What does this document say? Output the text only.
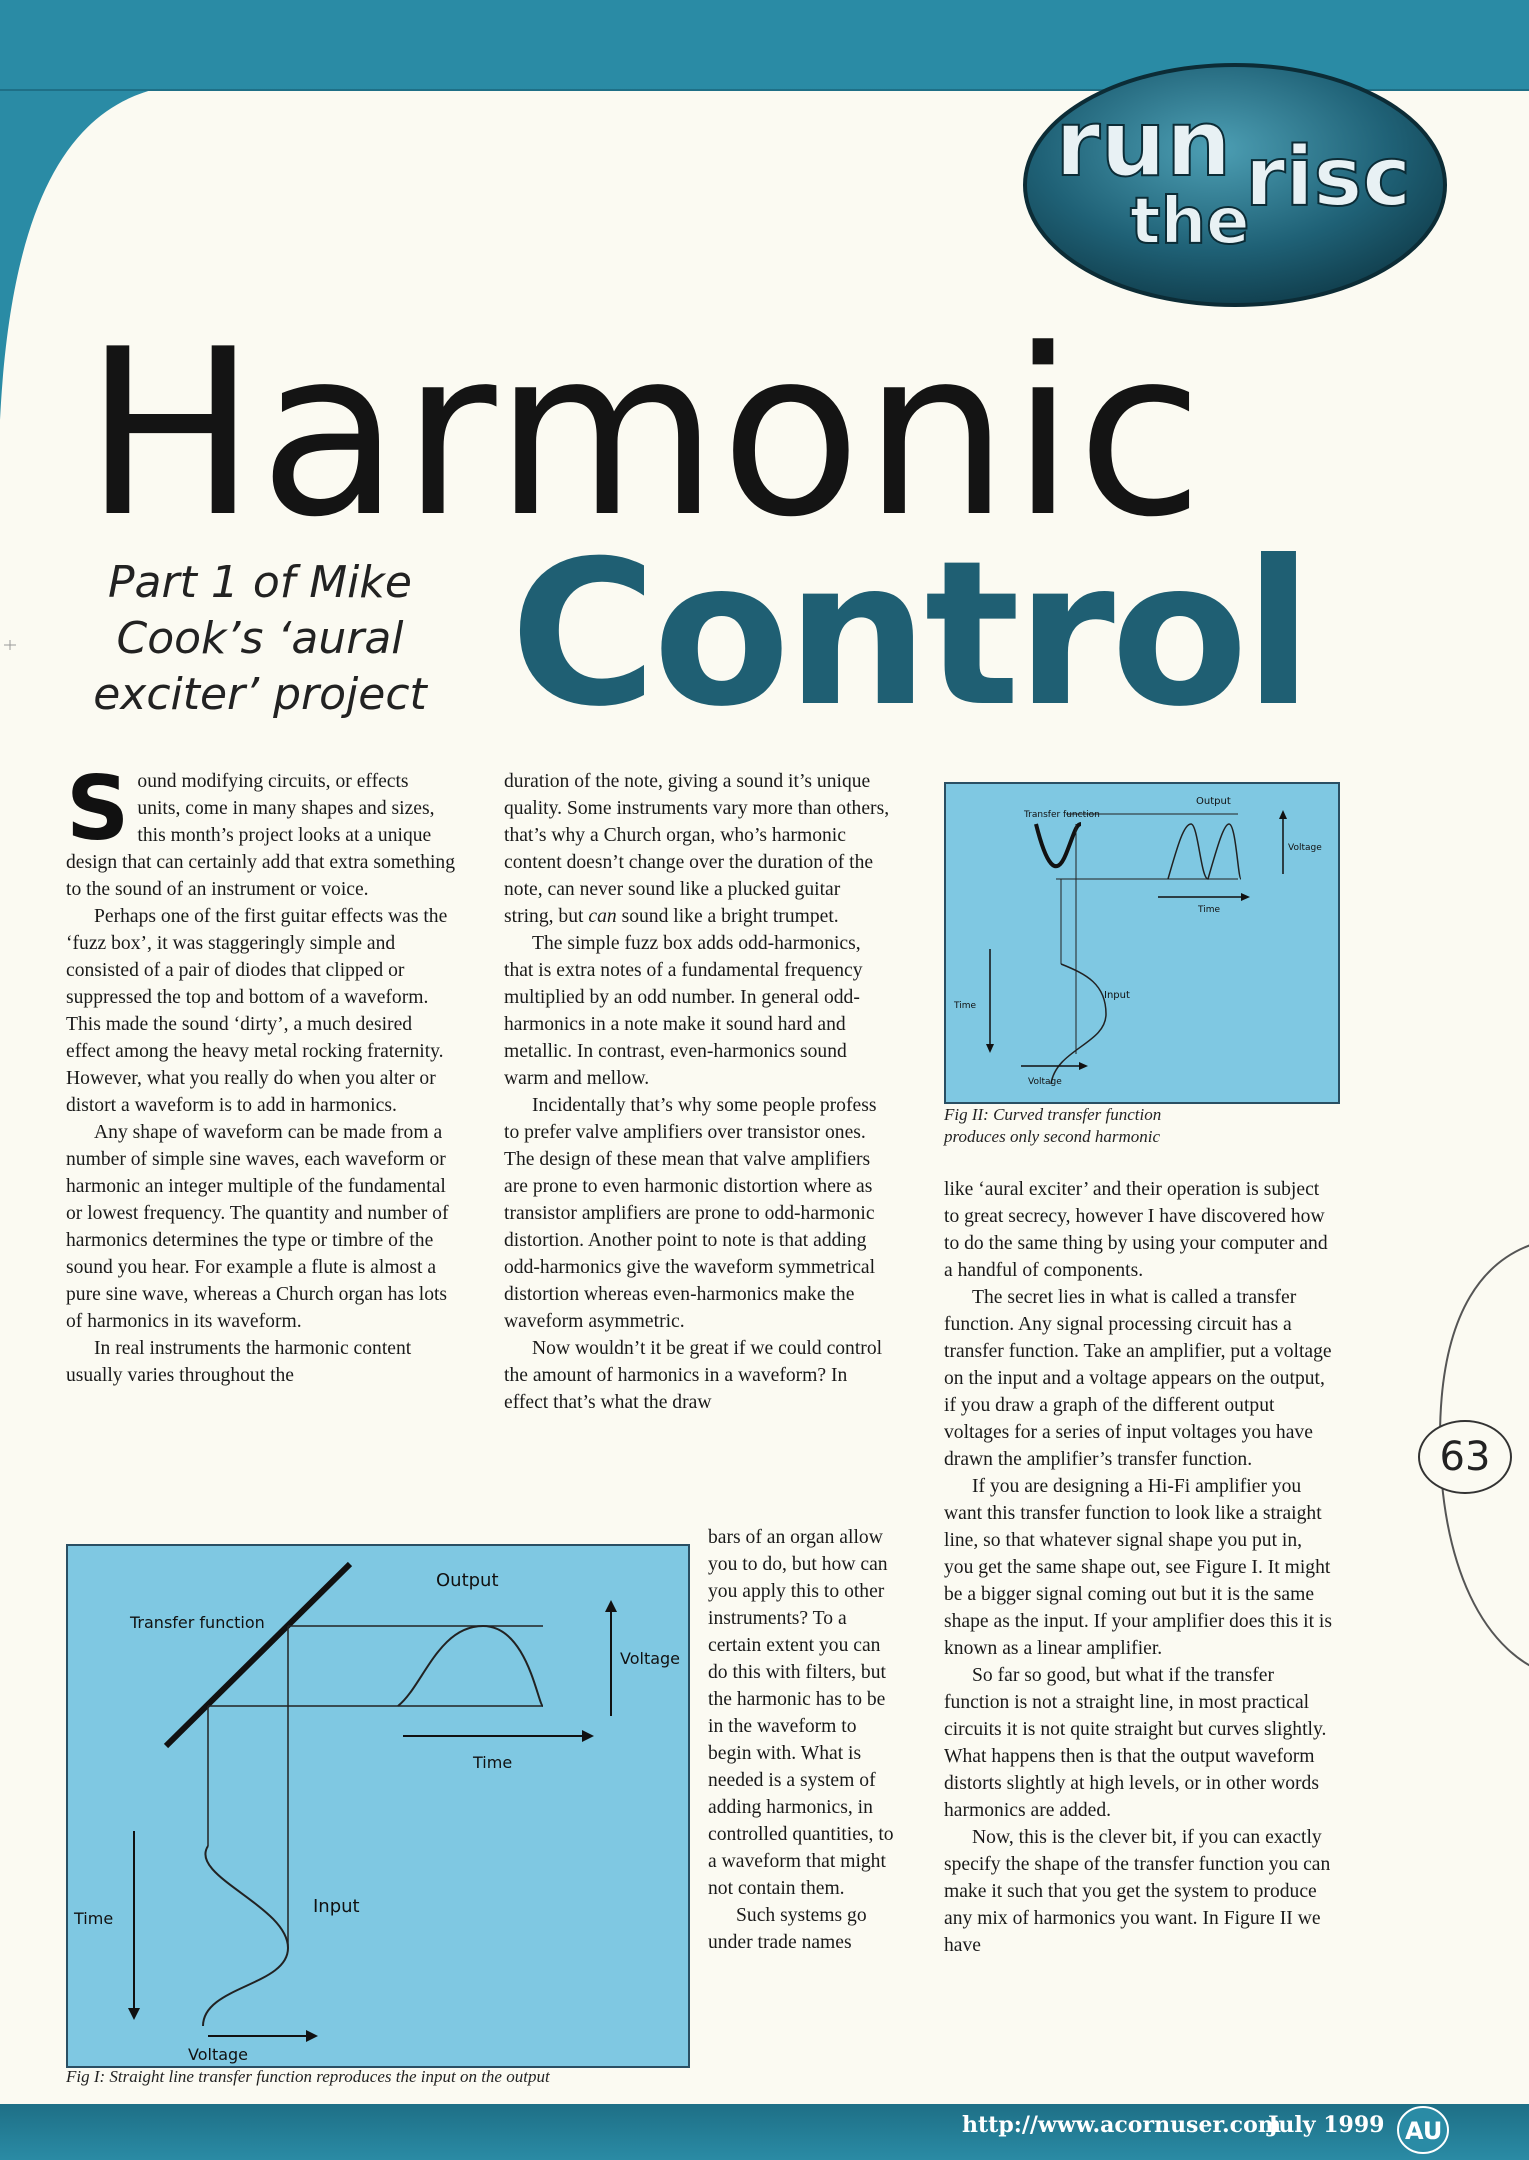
run
the
risc
Harmonic
Control
Part 1 of Mike
Cook’s ‘aural
exciter’ project

Sound modifying circuits, or effects units, come in many shapes and sizes, this month’s project looks at a unique design that can certainly add that extra something to the sound of an instrument or voice.

Perhaps one of the first guitar effects was the ‘fuzz box’, it was staggeringly simple and consisted of a pair of diodes that clipped or suppressed the top and bottom of a waveform. This made the sound ‘dirty’, a much desired effect among the heavy metal rocking fraternity. However, what you really do when you alter or distort a waveform is to add in harmonics.

Any shape of waveform can be made from a number of simple sine waves, each waveform or harmonic an integer multiple of the fundamental or lowest frequency. The quantity and number of harmonics determines the type or timbre of the sound you hear. For example a flute is almost a pure sine wave, whereas a Church organ has lots of harmonics in its waveform.

In real instruments the harmonic content usually varies throughout the

duration of the note, giving a sound it’s unique quality. Some instruments vary more than others, that’s why a Church organ, who’s harmonic content doesn’t change over the duration of the note, can never sound like a plucked guitar string, but can sound like a bright trumpet.

The simple fuzz box adds odd-harmonics, that is extra notes of a fundamental frequency multiplied by an odd number. In general odd-harmonics in a note make it sound hard and metallic. In contrast, even-harmonics sound warm and mellow.

Incidentally that’s why some people profess to prefer valve amplifiers over transistor ones. The design of these mean that valve amplifiers are prone to even harmonic distortion where as transistor amplifiers are prone to odd-harmonic distortion. Another point to note is that adding odd-harmonics give the waveform symmetrical distortion whereas even-harmonics make the waveform asymmetric.

Now wouldn’t it be great if we could control the amount of harmonics in a waveform? In effect that’s what the draw

bars of an organ allow you to do, but how can you apply this to other instruments? To a certain extent you can do this with filters, but the harmonic has to be in the waveform to begin with. What is needed is a system of adding harmonics, in controlled quantities, to a waveform that might not contain them.

Such systems go under trade names

like ‘aural exciter’ and their operation is subject to great secrecy, however I have discovered how to do the same thing by using your computer and a handful of components.

The secret lies in what is called a transfer function. Any signal processing circuit has a transfer function. Take an amplifier, put a voltage on the input and a voltage appears on the output, if you draw a graph of the different output voltages for a series of input voltages you have drawn the amplifier’s transfer function.

If you are designing a Hi-Fi amplifier you want this transfer function to look like a straight line, so that whatever signal shape you put in, you get the same shape out, see Figure I. It might be a bigger signal coming out but it is the same shape as the input. If your amplifier does this it is known as a linear amplifier.

So far so good, but what if the transfer function is not a straight line, in most practical circuits it is not quite straight but curves slightly. What happens then is that the output waveform distorts slightly at high levels, or in other words harmonics are added.

Now, this is the clever bit, if you can exactly specify the shape of the transfer function you can make it such that you get the system to produce any mix of harmonics you want. In Figure II we have

Output
Transfer function
Voltage
Time
Input
Time
Voltage
Fig I: Straight line transfer function reproduces the input on the output
Output
Transfer function
Voltage
Time
Input
Time
Voltage
Fig II: Curved transfer function
produces only second harmonic
63
http://www.acornuser.com
July 1999 AU
